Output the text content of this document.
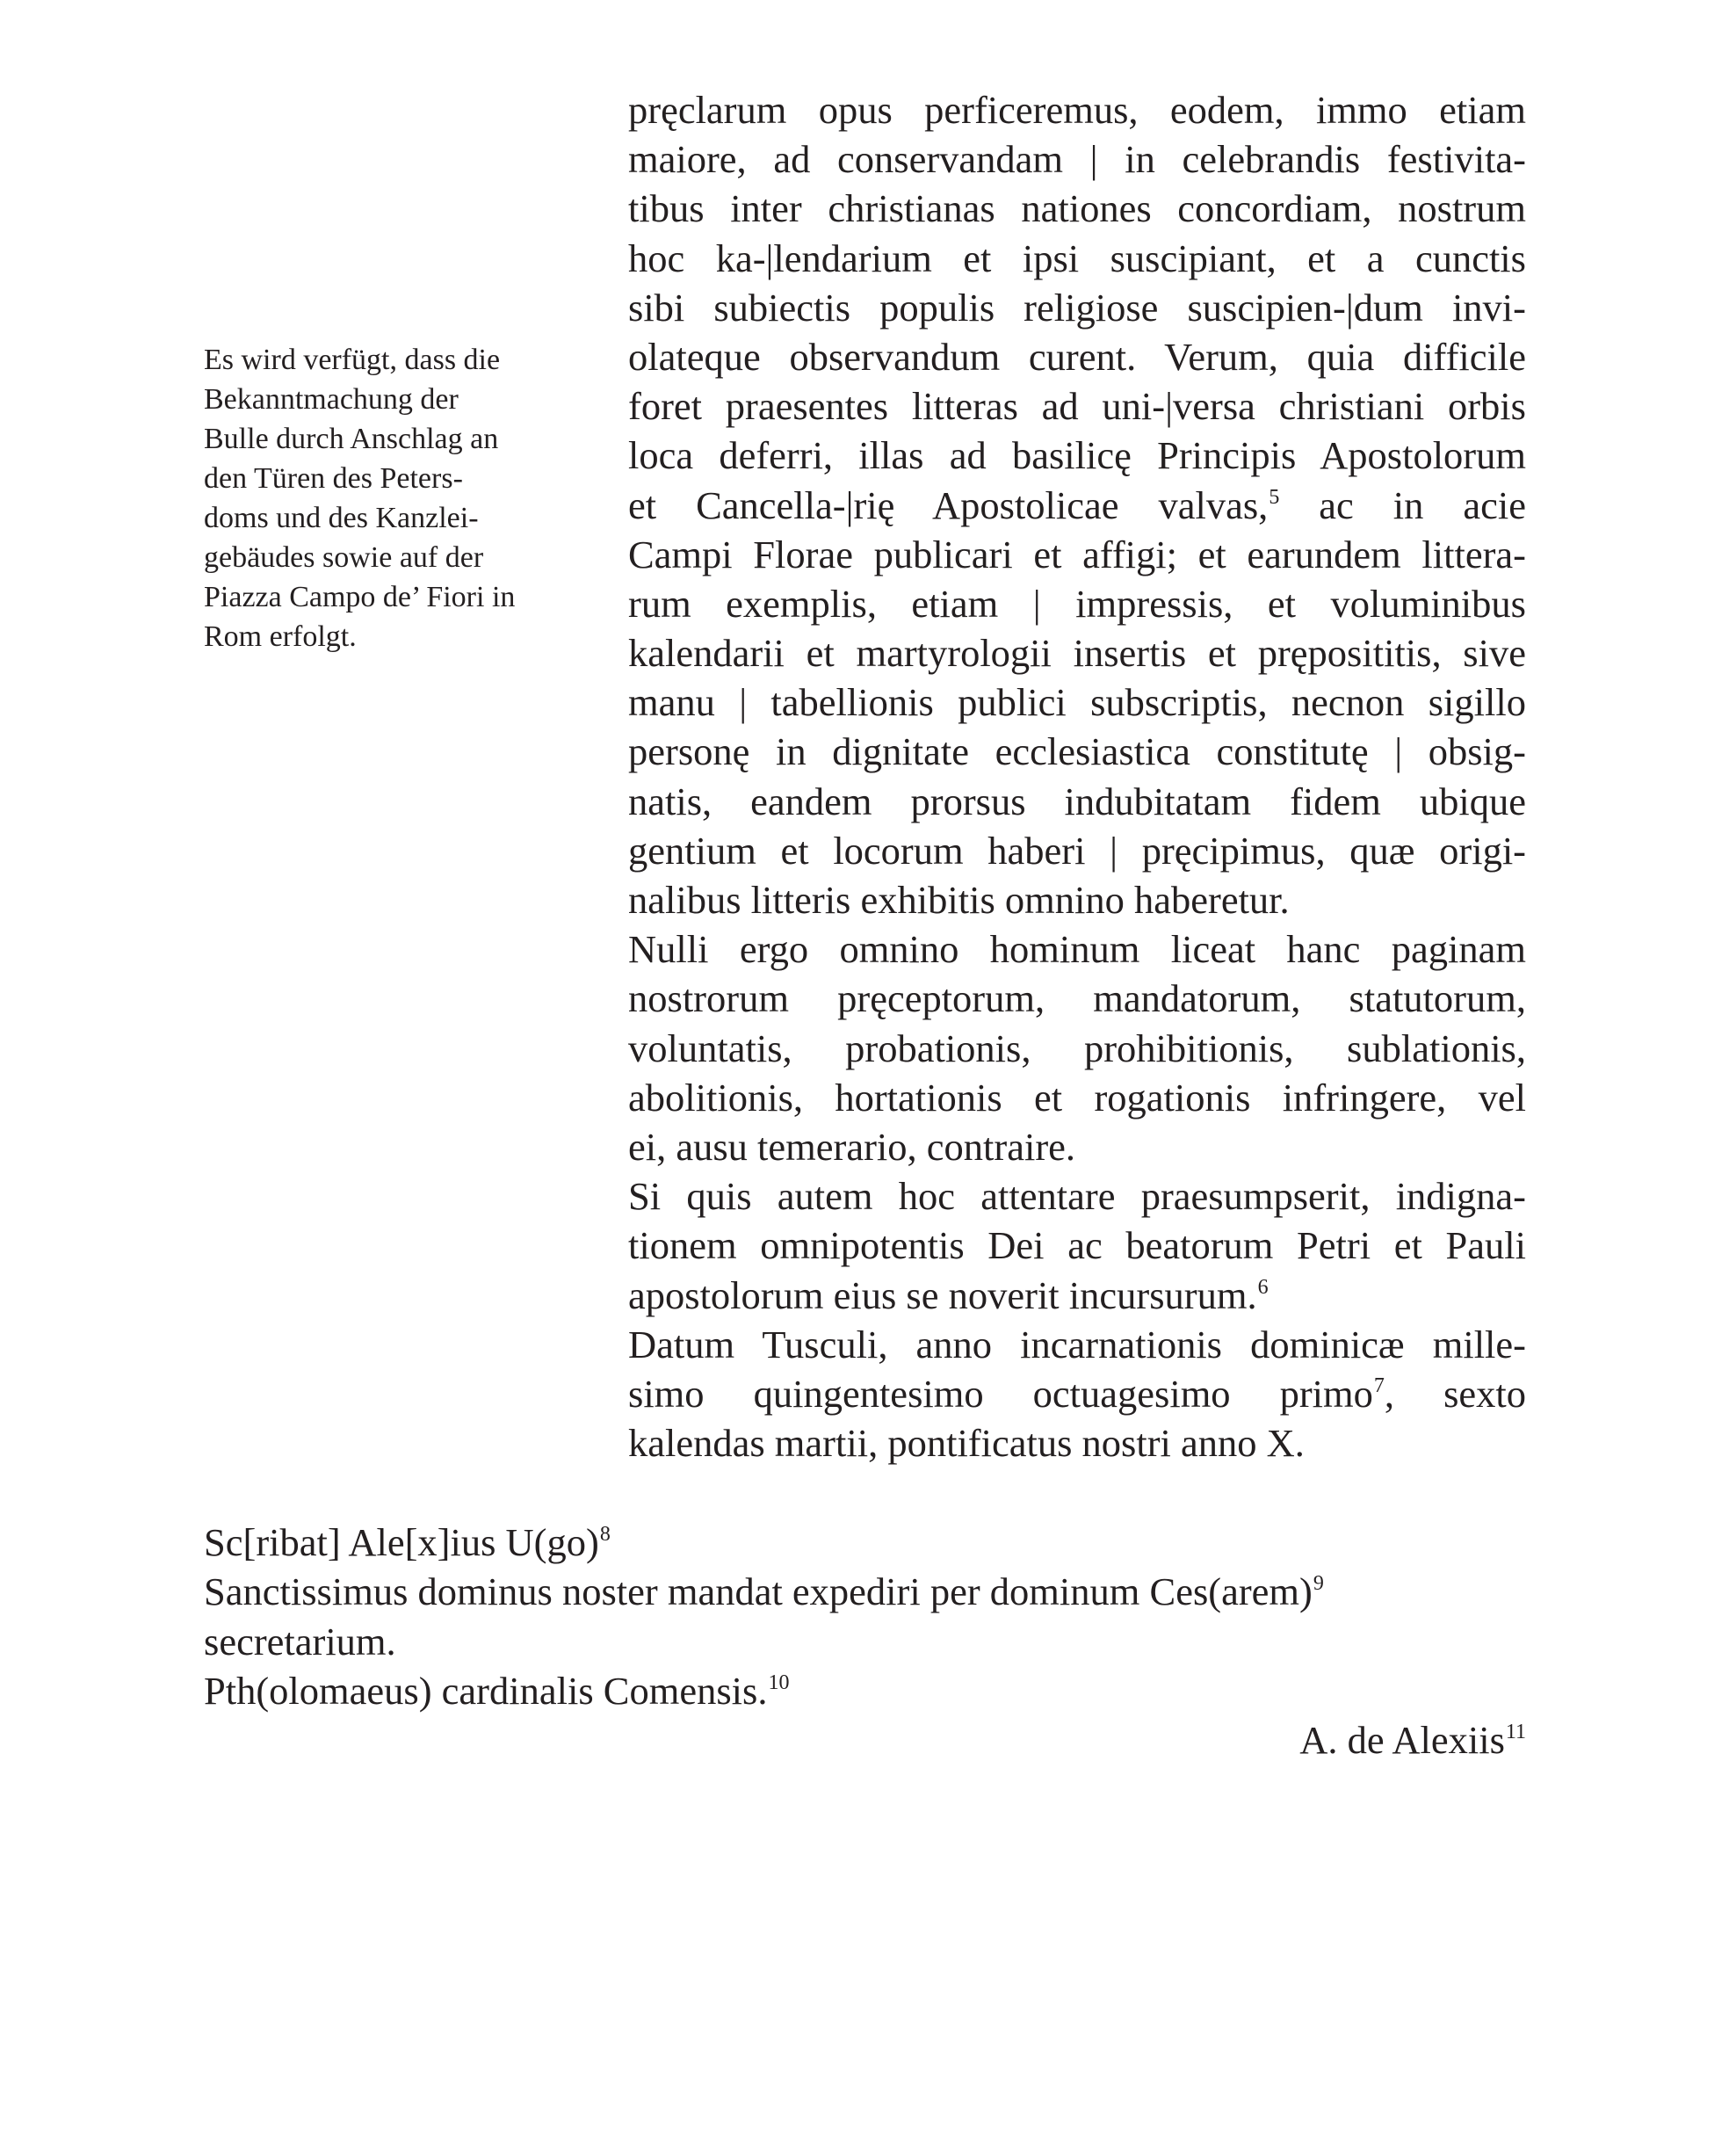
Es wird verfügt, dass die
Bekanntmachung der
Bulle durch Anschlag an
den Türen des Peters-
doms und des Kanzlei-
gebäudes sowie auf der
Piazza Campo de’ Fiori in
Rom erfolgt.
pręclarum opus perficeremus, eodem, immo etiam
maiore, ad conservandam | in celebrandis festivita-
tibus inter christianas nationes concordiam, nostrum
hoc ka-|lendarium et ipsi suscipiant, et a cunctis
sibi subiectis populis religiose suscipien-|dum invi-
olateque observandum curent. Verum, quia difficile
foret praesentes litteras ad uni-|versa christiani orbis
loca deferri, illas ad basilicę Principis Apostolorum
et Cancella-|rię Apostolicae valvas,$^5$ ac in acie
Campi Florae publicari et affigi; et earundem littera-
rum exemplis, etiam | impressis, et voluminibus
kalendarii et martyrologii insertis et pręposititis, sive
manu | tabellionis publici subscriptis, necnon sigillo
personę in dignitate ecclesiastica constitutę | obsig-
natis, eandem prorsus indubitatam fidem ubique
gentium et locorum haberi | pręcipimus, quæ origi-
nalibus litteris exhibitis omnino haberetur.
Nulli ergo omnino hominum liceat hanc paginam
nostrorum pręceptorum, mandatorum, statutorum,
voluntatis, probationis, prohibitionis, sublationis,
abolitionis, hortationis et rogationis infringere, vel
ei, ausu temerario, contraire.
Si quis autem hoc attentare praesumpserit, indigna-
tionem omnipotentis Dei ac beatorum Petri et Pauli
apostolorum eius se noverit incursurum.$^6$
Datum Tusculi, anno incarnationis dominicæ mille-
simo quingentesimo octuagesimo primo$^7$, sexto
kalendas martii, pontificatus nostri anno X.
Sc[ribat] Ale[x]ius U(go)$^8$
Sanctissimus dominus noster mandat expediri per dominum Ces(arem)$^9$
secretarium.
Pth(olomaeus) cardinalis Comensis.$^{10}$
A. de Alexiis$^{11}$
